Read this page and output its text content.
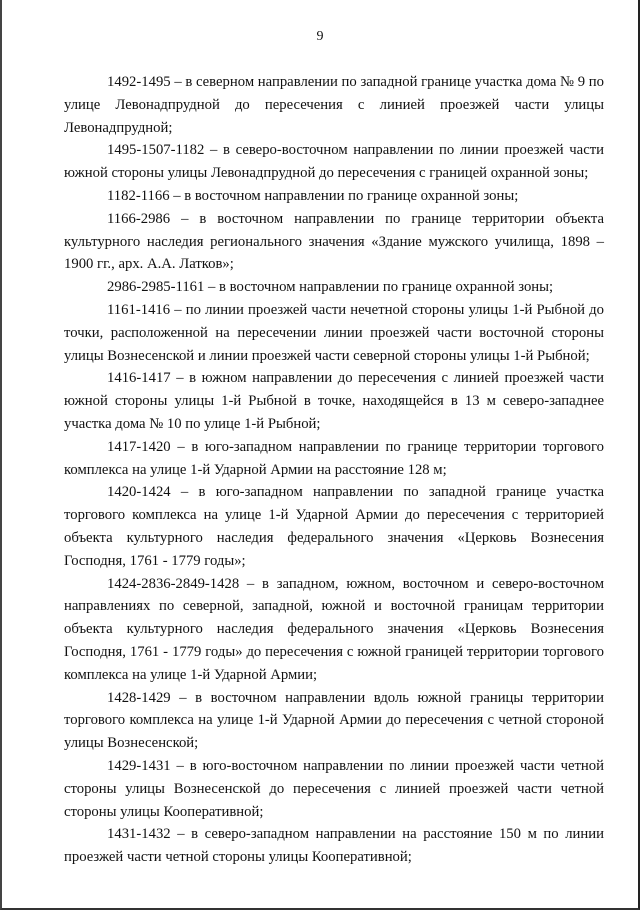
9

1492-1495 – в северном направлении по западной границе участка дома № 9 по улице Левонадпрудной до пересечения с линией проезжей части улицы Левонадпрудной;

1495-1507-1182 – в северо-восточном направлении по линии проезжей части южной стороны улицы Левонадпрудной до пересечения с границей охранной зоны;

1182-1166 – в восточном направлении по границе охранной зоны;

1166-2986 – в восточном направлении по границе территории объекта культурного наследия регионального значения «Здание мужского училища, 1898 – 1900 гг., арх. А.А. Латков»;

2986-2985-1161 – в восточном направлении по границе охранной зоны;

1161-1416 – по линии проезжей части нечетной стороны улицы 1-й Рыбной до точки, расположенной на пересечении линии проезжей части восточной стороны улицы Вознесенской и линии проезжей части северной стороны улицы 1-й Рыбной;

1416-1417 – в южном направлении до пересечения с линией проезжей части южной стороны улицы 1-й Рыбной в точке, находящейся в 13 м северо-западнее участка дома № 10 по улице 1-й Рыбной;

1417-1420 – в юго-западном направлении по границе территории торгового комплекса на улице 1-й Ударной Армии на расстояние 128 м;

1420-1424 – в юго-западном направлении по западной границе участка торгового комплекса на улице 1-й Ударной Армии до пересечения с территорией объекта культурного наследия федерального значения «Церковь Вознесения Господня, 1761 - 1779 годы»;

1424-2836-2849-1428 – в западном, южном, восточном и северо-восточном направлениях по северной, западной, южной и восточной границам территории объекта культурного наследия федерального значения «Церковь Вознесения Господня, 1761 - 1779 годы» до пересечения с южной границей территории торгового комплекса на улице 1-й Ударной Армии;

1428-1429 – в восточном направлении вдоль южной границы территории торгового комплекса на улице 1-й Ударной Армии до пересечения с четной стороной улицы Вознесенской;

1429-1431 – в юго-восточном направлении по линии проезжей части четной стороны улицы Вознесенской до пересечения с линией проезжей части четной стороны улицы Кооперативной;

1431-1432 – в северо-западном направлении на расстояние 150 м по линии проезжей части четной стороны улицы Кооперативной;
